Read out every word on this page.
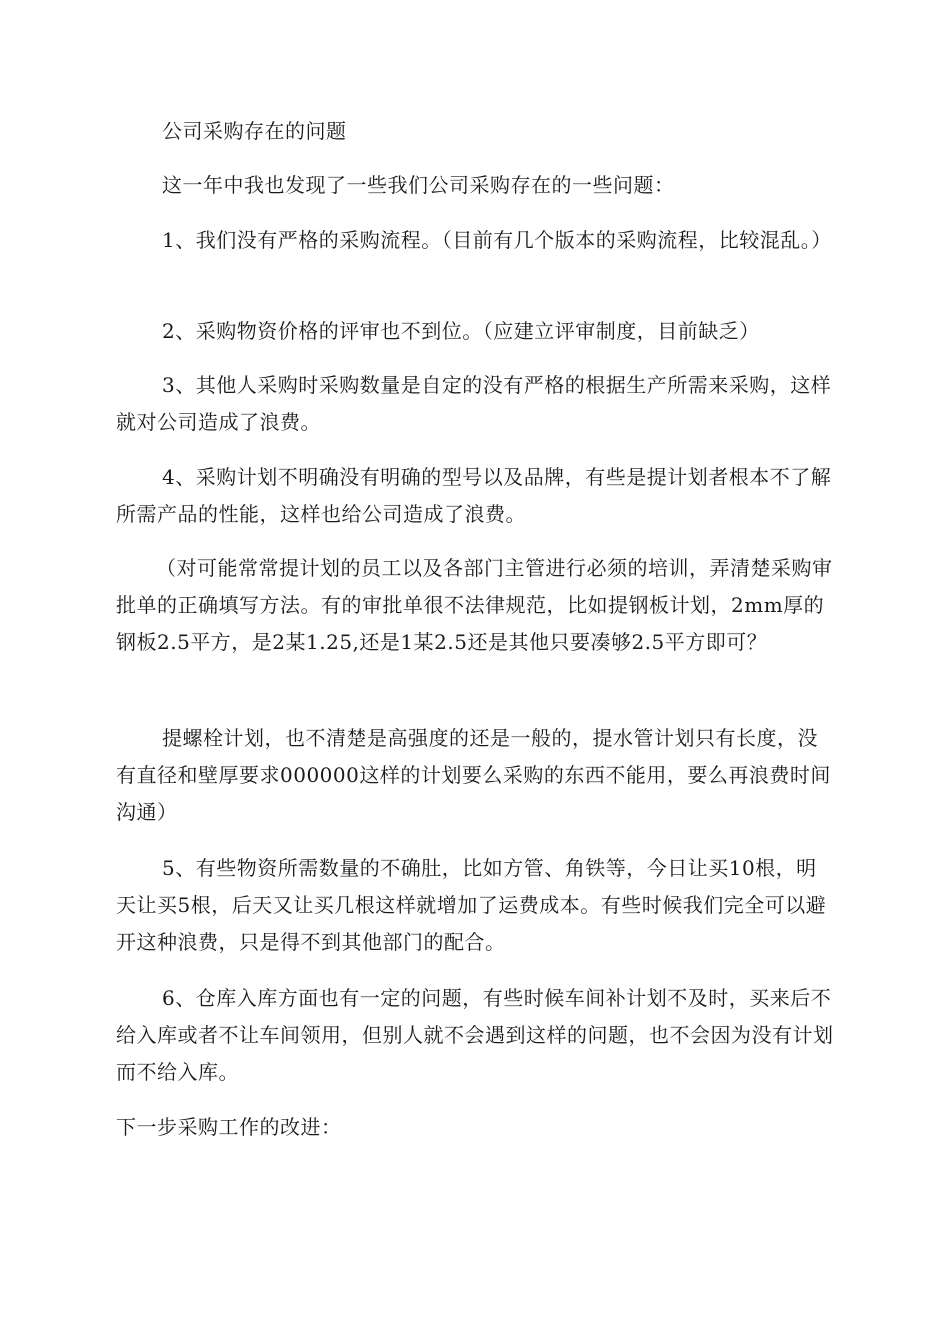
公司采购存在的问题

这一年中我也发现了一些我们公司采购存在的一些问题：

1、我们没有严格的采购流程。（目前有几个版本的采购流程，比较混乱。）

2、采购物资价格的评审也不到位。（应建立评审制度，目前缺乏）

3、其他人采购时采购数量是自定的没有严格的根据生产所需来采购，这样就对公司造成了浪费。

4、采购计划不明确没有明确的型号以及品牌，有些是提计划者根本不了解所需产品的性能，这样也给公司造成了浪费。

（对可能常常提计划的员工以及各部门主管进行必须的培训，弄清楚采购审批单的正确填写方法。有的审批单很不法律规范，比如提钢板计划，2mm厚的钢板2.5平方，是2某1.25,还是1某2.5还是其他只要凑够2.5平方即可？

提螺栓计划，也不清楚是高强度的还是一般的，提水管计划只有长度，没有直径和壁厚要求000000这样的计划要么采购的东西不能用，要么再浪费时间沟通）

5、有些物资所需数量的不确肚，比如方管、角铁等，今日让买10根，明天让买5根，后天又让买几根这样就增加了运费成本。有些时候我们完全可以避开这种浪费，只是得不到其他部门的配合。

6、仓库入库方面也有一定的问题，有些时候车间补计划不及时，买来后不给入库或者不让车间领用，但别人就不会遇到这样的问题，也不会因为没有计划而不给入库。

下一步采购工作的改进：
